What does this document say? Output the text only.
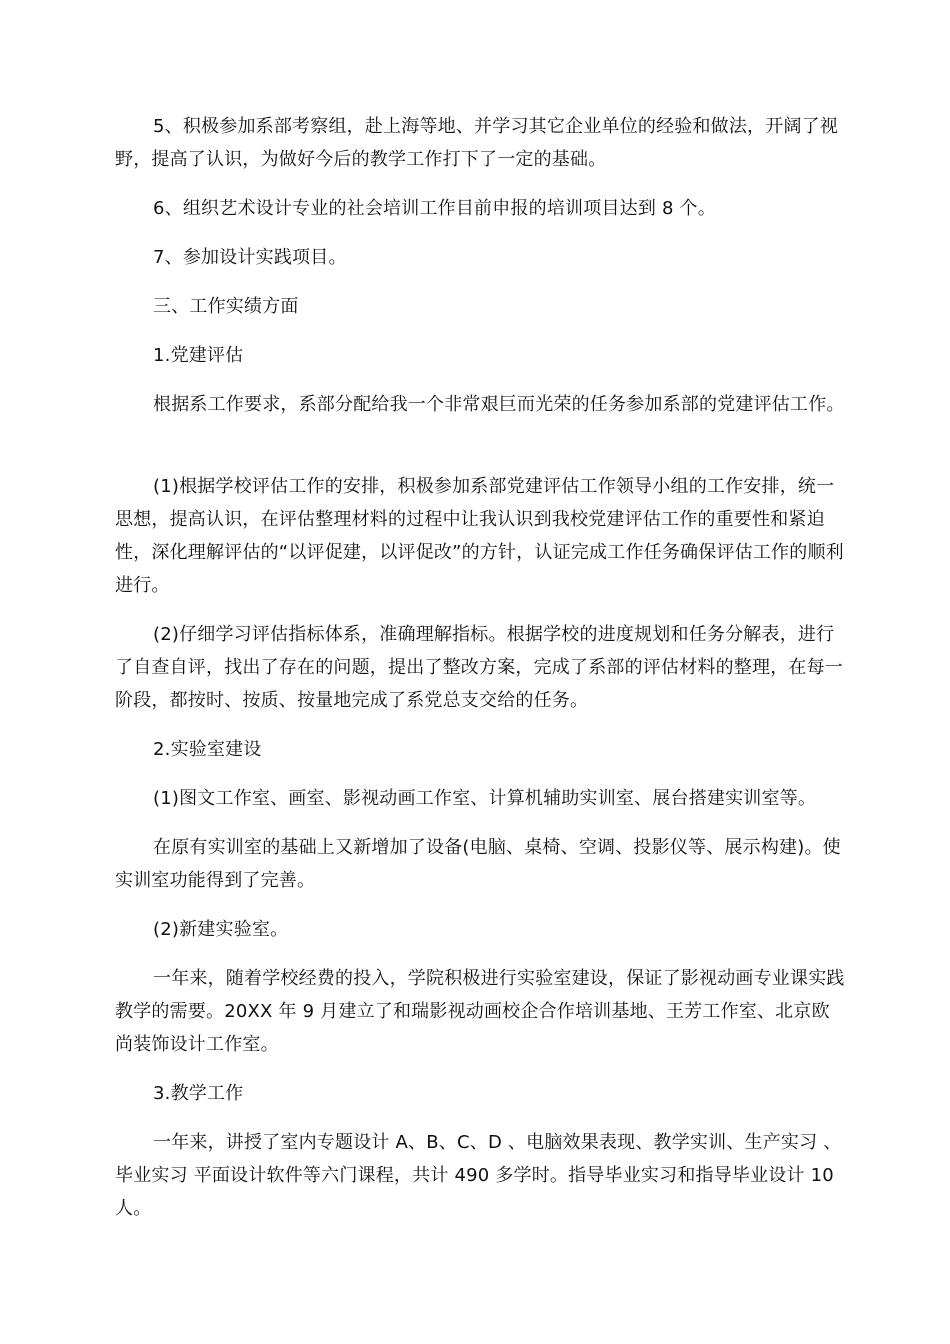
5、积极参加系部考察组，赴上海等地、并学习其它企业单位的经验和做法，开阔了视野，提高了认识，为做好今后的教学工作打下了一定的基础。

6、组织艺术设计专业的社会培训工作目前申报的培训项目达到 8 个。

7、参加设计实践项目。

三、工作实绩方面

1.党建评估

根据系工作要求，系部分配给我一个非常艰巨而光荣的任务参加系部的党建评估工作。

(1)根据学校评估工作的安排，积极参加系部党建评估工作领导小组的工作安排，统一思想，提高认识，在评估整理材料的过程中让我认识到我校党建评估工作的重要性和紧迫性，深化理解评估的“以评促建，以评促改”的方针，认证完成工作任务确保评估工作的顺利进行。

(2)仔细学习评估指标体系，准确理解指标。根据学校的进度规划和任务分解表，进行了自查自评，找出了存在的问题，提出了整改方案，完成了系部的评估材料的整理，在每一阶段，都按时、按质、按量地完成了系党总支交给的任务。

2.实验室建设

(1)图文工作室、画室、影视动画工作室、计算机辅助实训室、展台搭建实训室等。

在原有实训室的基础上又新增加了设备(电脑、桌椅、空调、投影仪等、展示构建)。使实训室功能得到了完善。

(2)新建实验室。

一年来，随着学校经费的投入，学院积极进行实验室建设，保证了影视动画专业课实践教学的需要。20XX 年 9 月建立了和瑞影视动画校企合作培训基地、王芳工作室、北京欧尚装饰设计工作室。

3.教学工作

一年来，讲授了室内专题设计 A、B、C、D 、电脑效果表现、教学实训、生产实习 、毕业实习 平面设计软件等六门课程，共计 490 多学时。指导毕业实习和指导毕业设计 10 人。
